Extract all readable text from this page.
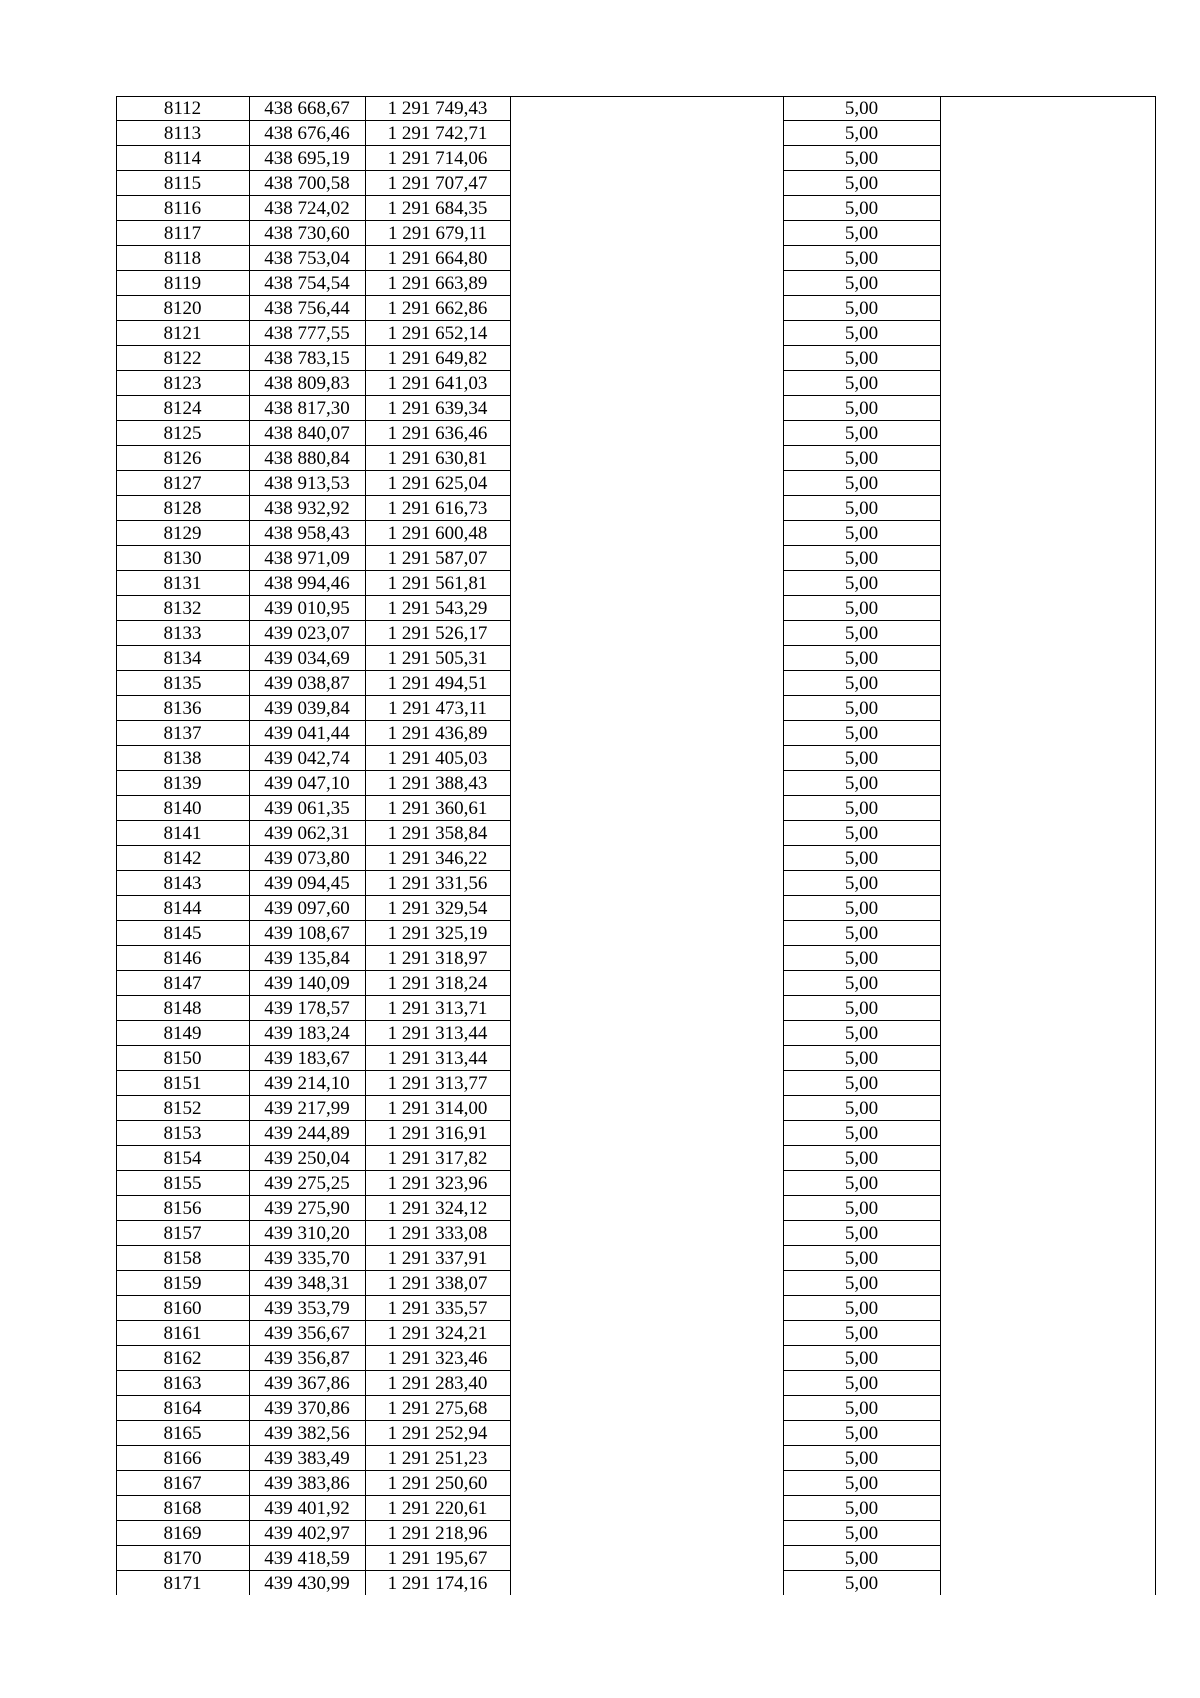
8112	438 668,67	1 291 749,43	5,00
8113	438 676,46	1 291 742,71	5,00
8114	438 695,19	1 291 714,06	5,00
8115	438 700,58	1 291 707,47	5,00
8116	438 724,02	1 291 684,35	5,00
8117	438 730,60	1 291 679,11	5,00
8118	438 753,04	1 291 664,80	5,00
8119	438 754,54	1 291 663,89	5,00
8120	438 756,44	1 291 662,86	5,00
8121	438 777,55	1 291 652,14	5,00
8122	438 783,15	1 291 649,82	5,00
8123	438 809,83	1 291 641,03	5,00
8124	438 817,30	1 291 639,34	5,00
8125	438 840,07	1 291 636,46	5,00
8126	438 880,84	1 291 630,81	5,00
8127	438 913,53	1 291 625,04	5,00
8128	438 932,92	1 291 616,73	5,00
8129	438 958,43	1 291 600,48	5,00
8130	438 971,09	1 291 587,07	5,00
8131	438 994,46	1 291 561,81	5,00
8132	439 010,95	1 291 543,29	5,00
8133	439 023,07	1 291 526,17	5,00
8134	439 034,69	1 291 505,31	5,00
8135	439 038,87	1 291 494,51	5,00
8136	439 039,84	1 291 473,11	5,00
8137	439 041,44	1 291 436,89	5,00
8138	439 042,74	1 291 405,03	5,00
8139	439 047,10	1 291 388,43	5,00
8140	439 061,35	1 291 360,61	5,00
8141	439 062,31	1 291 358,84	5,00
8142	439 073,80	1 291 346,22	5,00
8143	439 094,45	1 291 331,56	5,00
8144	439 097,60	1 291 329,54	5,00
8145	439 108,67	1 291 325,19	5,00
8146	439 135,84	1 291 318,97	5,00
8147	439 140,09	1 291 318,24	5,00
8148	439 178,57	1 291 313,71	5,00
8149	439 183,24	1 291 313,44	5,00
8150	439 183,67	1 291 313,44	5,00
8151	439 214,10	1 291 313,77	5,00
8152	439 217,99	1 291 314,00	5,00
8153	439 244,89	1 291 316,91	5,00
8154	439 250,04	1 291 317,82	5,00
8155	439 275,25	1 291 323,96	5,00
8156	439 275,90	1 291 324,12	5,00
8157	439 310,20	1 291 333,08	5,00
8158	439 335,70	1 291 337,91	5,00
8159	439 348,31	1 291 338,07	5,00
8160	439 353,79	1 291 335,57	5,00
8161	439 356,67	1 291 324,21	5,00
8162	439 356,87	1 291 323,46	5,00
8163	439 367,86	1 291 283,40	5,00
8164	439 370,86	1 291 275,68	5,00
8165	439 382,56	1 291 252,94	5,00
8166	439 383,49	1 291 251,23	5,00
8167	439 383,86	1 291 250,60	5,00
8168	439 401,92	1 291 220,61	5,00
8169	439 402,97	1 291 218,96	5,00
8170	439 418,59	1 291 195,67	5,00
8171	439 430,99	1 291 174,16	5,00
